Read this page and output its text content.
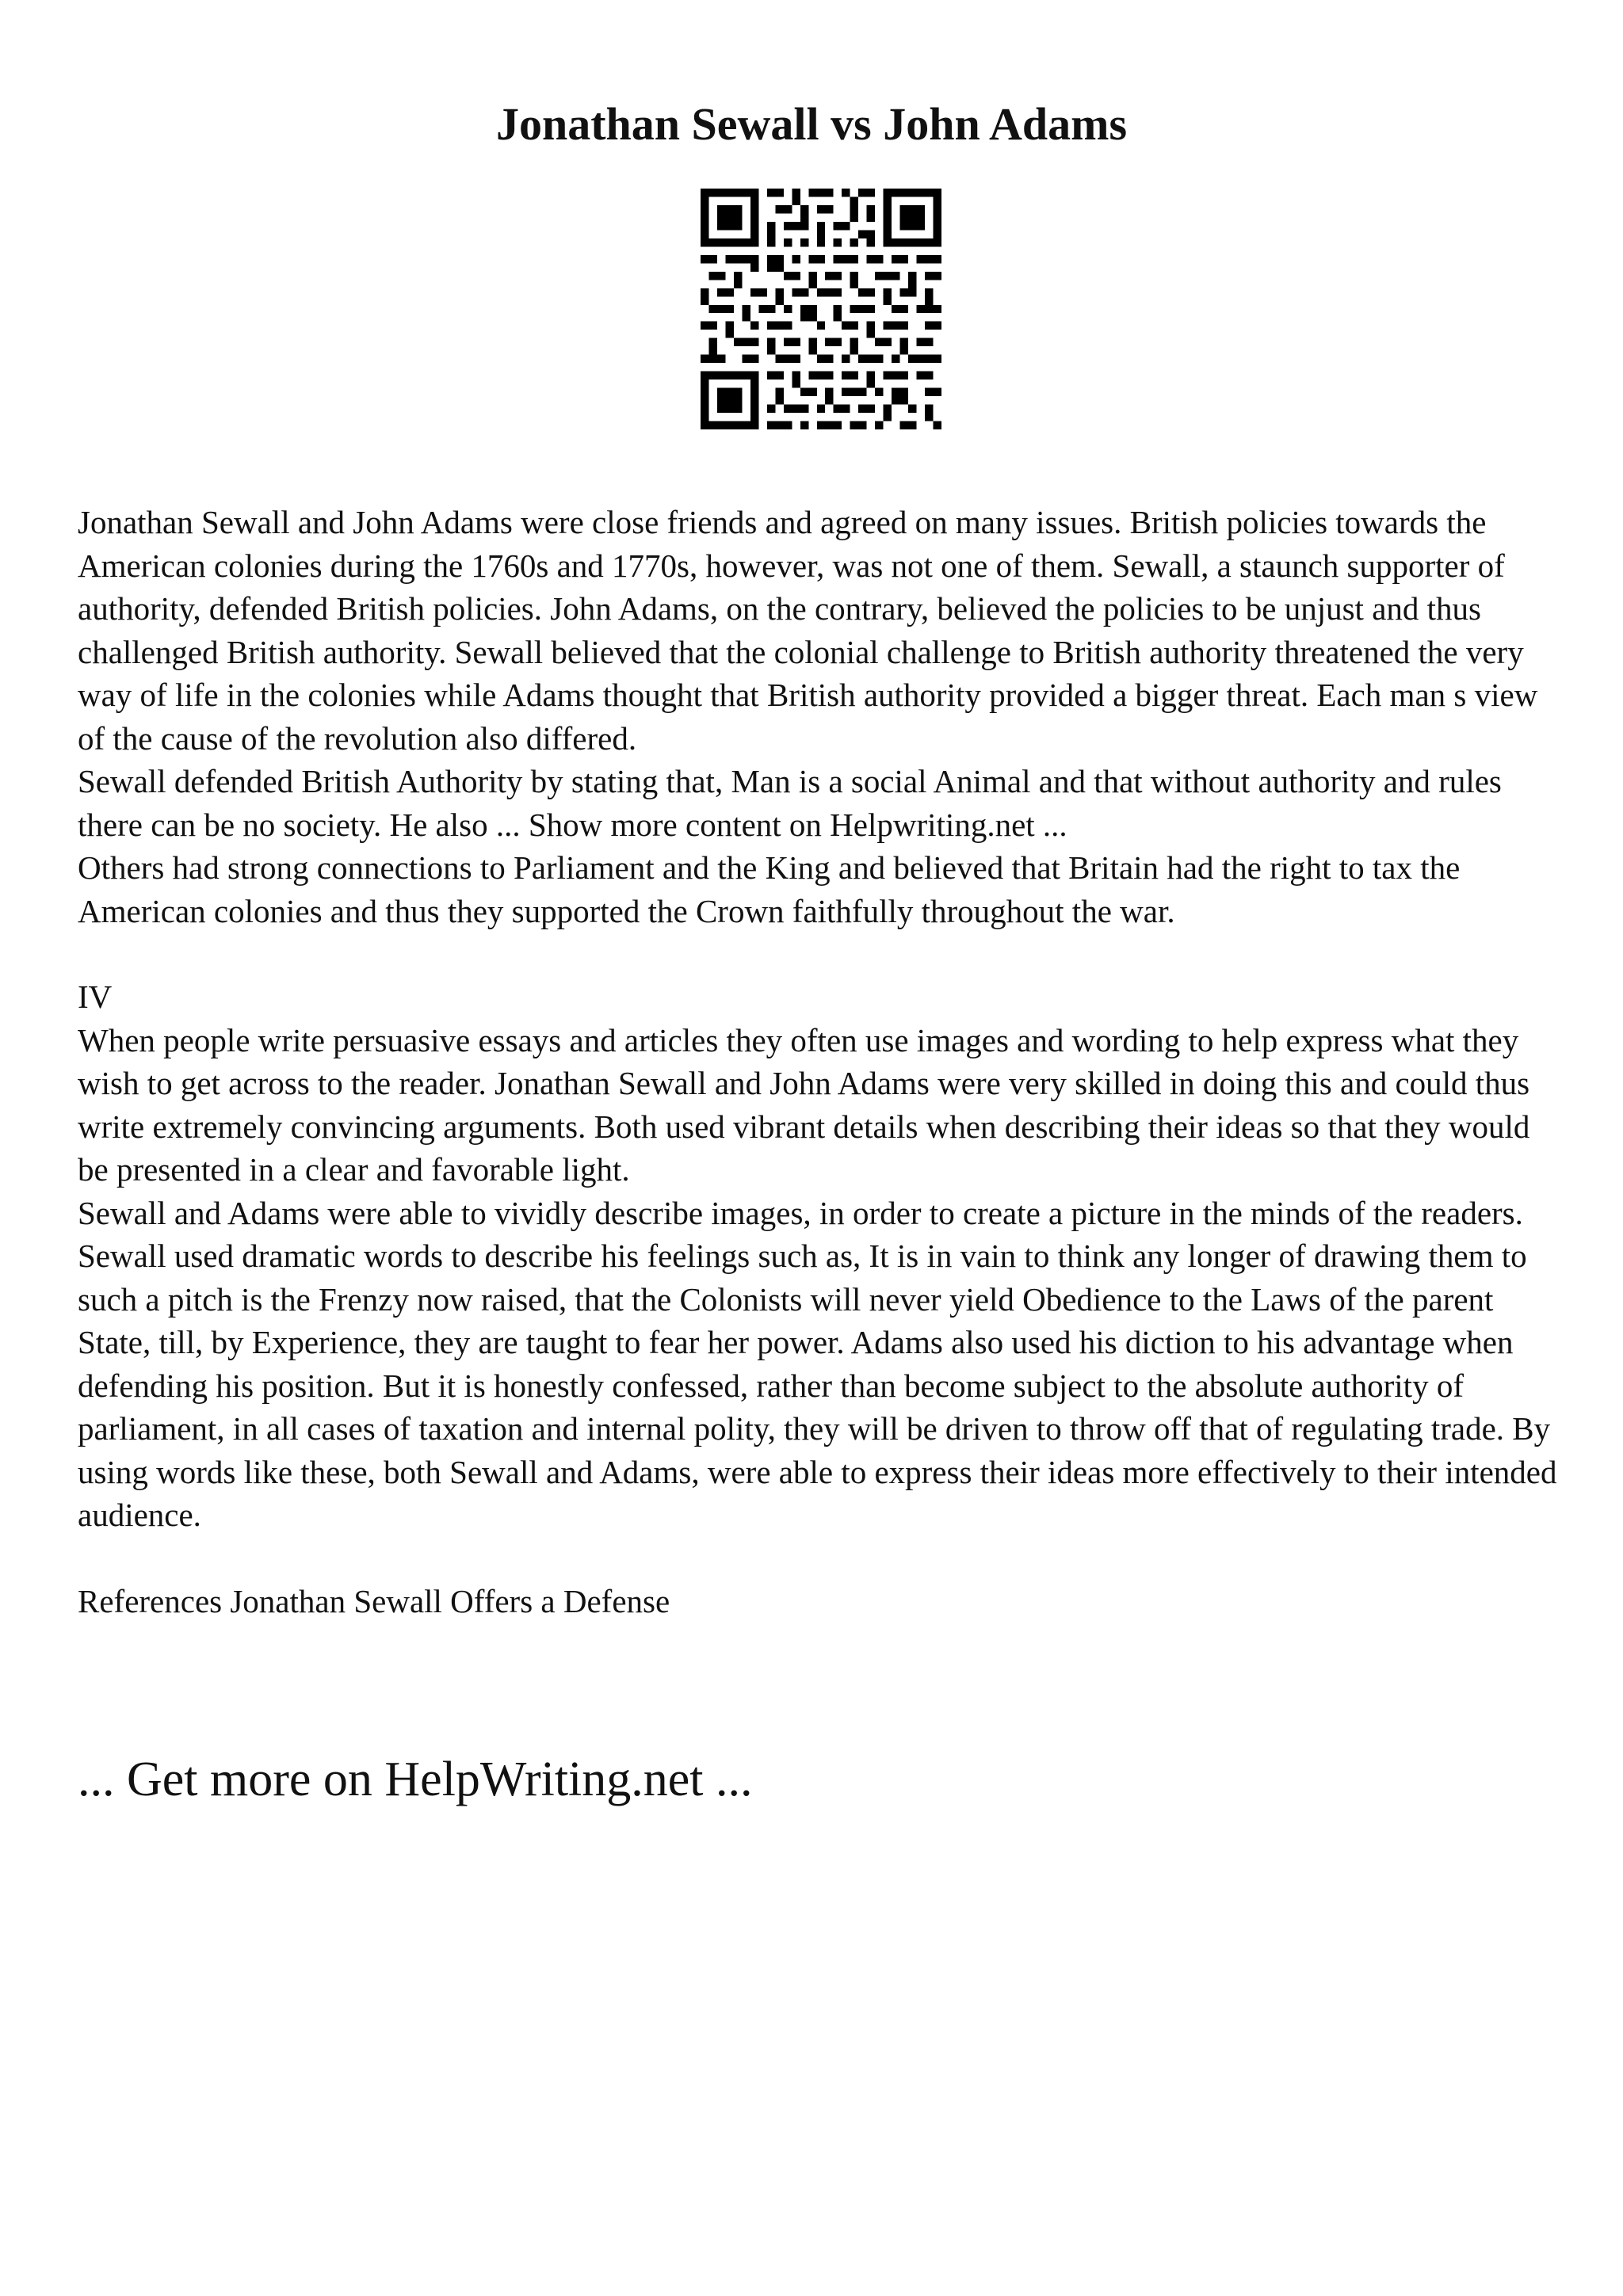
Jonathan Sewall vs John Adams

Jonathan Sewall and John Adams were close friends and agreed on many issues. British policies towards the American colonies during the 1760s and 1770s, however, was not one of them. Sewall, a staunch supporter of authority, defended British policies. John Adams, on the contrary, believed the policies to be unjust and thus challenged British authority. Sewall believed that the colonial challenge to British authority threatened the very way of life in the colonies while Adams thought that British authority provided a bigger threat. Each man s view of the cause of the revolution also differed.

Sewall defended British Authority by stating that, Man is a social Animal and that without authority and rules there can be no society. He also ... Show more content on Helpwriting.net ...

Others had strong connections to Parliament and the King and believed that Britain had the right to tax the American colonies and thus they supported the Crown faithfully throughout the war.

IV

When people write persuasive essays and articles they often use images and wording to help express what they wish to get across to the reader. Jonathan Sewall and John Adams were very skilled in doing this and could thus write extremely convincing arguments. Both used vibrant details when describing their ideas so that they would be presented in a clear and favorable light.

Sewall and Adams were able to vividly describe images, in order to create a picture in the minds of the readers. Sewall used dramatic words to describe his feelings such as, It is in vain to think any longer of drawing them to such a pitch is the Frenzy now raised, that the Colonists will never yield Obedience to the Laws of the parent State, till, by Experience, they are taught to fear her power. Adams also used his diction to his advantage when defending his position. But it is honestly confessed, rather than become subject to the absolute authority of parliament, in all cases of taxation and internal polity, they will be driven to throw off that of regulating trade. By using words like these, both Sewall and Adams, were able to express their ideas more effectively to their intended audience.

References Jonathan Sewall Offers a Defense

... Get more on HelpWriting.net ...
